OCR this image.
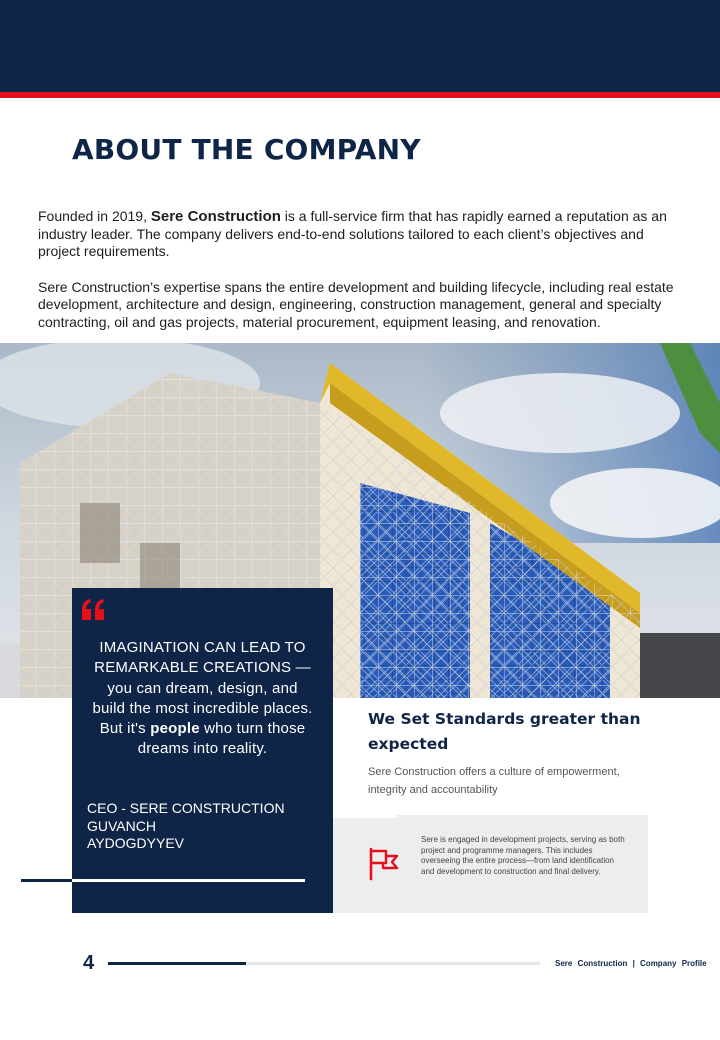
ABOUT THE COMPANY

Founded in 2019, Sere Construction is a full-service firm that has rapidly earned a reputation as an industry leader. The company delivers end-to-end solutions tailored to each client’s objectives and project requirements.

Sere Construction’s expertise spans the entire development and building lifecycle, including real estate development, architecture and design, engineering, construction management, general and specialty contracting, oil and gas projects, material procurement, equipment leasing, and renovation.

IMAGINATION CAN LEAD TO REMARKABLE CREATIONS — you can dream, design, and build the most incredible places. But it's people who turn those dreams into reality.

CEO - SERE CONSTRUCTION
GUVANCH
AYDOGDYYEV
We Set Standards greater than expected

Sere Construction offers a culture of empowerment, integrity and accountability

Sere is engaged in development projects, serving as both project and programme managers. This includes overseeing the entire process—from land identification and development to construction and final delivery.

4	Sere Construction | Company Profile
